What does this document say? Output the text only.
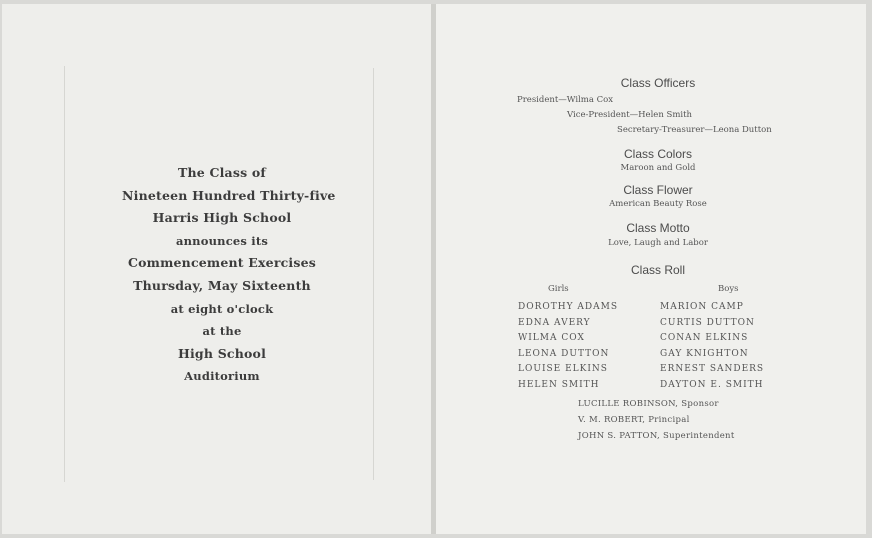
The Class of
Nineteen Hundred Thirty-five
Harris High School
announces its
Commencement Exercises
Thursday, May Sixteenth
at eight o'clock
at the
High School
Auditorium
Class Officers
President—Wilma Cox
Vice-President—Helen Smith
Secretary-Treasurer—Leona Dutton
Class Colors
Maroon and Gold
Class Flower
American Beauty Rose
Class Motto
Love, Laugh and Labor
Class Roll
Girls	Boys
DOROTHY ADAMS
EDNA AVERY
WILMA COX
LEONA DUTTON
LOUISE ELKINS
HELEN SMITH
MARION CAMP
CURTIS DUTTON
CONAN ELKINS
GAY KNIGHTON
ERNEST SANDERS
DAYTON E. SMITH
LUCILLE ROBINSON, Sponsor
V. M. ROBERT, Principal
JOHN S. PATTON, Superintendent
